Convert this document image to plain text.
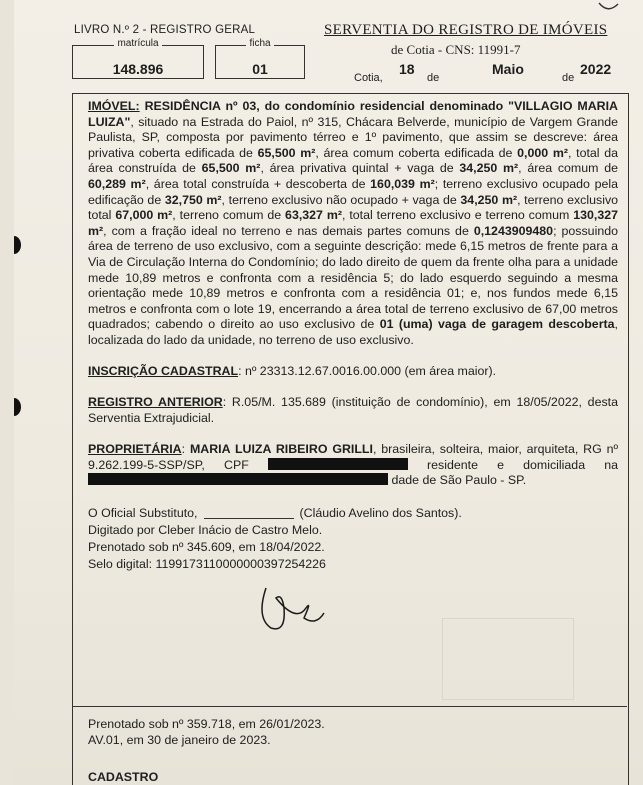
LIVRO N.º 2 - REGISTRO GERAL
matrícula
148.896
ficha
01
SERVENTIA DO REGISTRO DE IMÓVEIS
de Cotia - CNS: 11991-7
Cotia,
18
de
Maio
de
2022

IMÓVEL: RESIDÊNCIA nº 03, do condomínio residencial denominado "VILLAGIO MARIA LUIZA", situado na Estrada do Paiol, nº 315, Chácara Belverde, município de Vargem Grande Paulista, SP, composta por pavimento térreo e 1º pavimento, que assim se descreve: área privativa coberta edificada de 65,500 m², área comum coberta edificada de 0,000 m², total da área construída de 65,500 m², área privativa quintal + vaga de 34,250 m², área comum de 60,289 m², área total construída + descoberta de 160,039 m²; terreno exclusivo ocupado pela edificação de 32,750 m², terreno exclusivo não ocupado + vaga de 34,250 m², terreno exclusivo total 67,000 m², terreno comum de 63,327 m², total terreno exclusivo e terreno comum 130,327 m², com a fração ideal no terreno e nas demais partes comuns de 0,1243909480; possuindo área de terreno de uso exclusivo, com a seguinte descrição: mede 6,15 metros de frente para a Via de Circulação Interna do Condomínio; do lado direito de quem da frente olha para a unidade mede 10,89 metros e confronta com a residência 5; do lado esquerdo seguindo a mesma orientação mede 10,89 metros e confronta com a residência 01; e, nos fundos mede 6,15 metros e confronta com o lote 19, encerrando a área total de terreno exclusivo de 67,00 metros quadrados; cabendo o direito ao uso exclusivo de 01 (uma) vaga de garagem descoberta, localizada do lado da unidade, no terreno de uso exclusivo.

INSCRIÇÃO CADASTRAL: nº 23313.12.67.0016.00.000 (em área maior).

REGISTRO ANTERIOR: R.05/M. 135.689 (instituição de condomínio), em 18/05/2022, desta Serventia Extrajudicial.

PROPRIETÁRIA: MARIA LUIZA RIBEIRO GRILLI, brasileira, solteira, maior, arquiteta, RG nº 9.262.199-5-SSP/SP, CPF	residente e domiciliada na  dade de São Paulo - SP.

O Oficial Substituto,	(Cláudio Avelino dos Santos).
Digitado por Cleber Inácio de Castro Melo.
Prenotado sob nº 345.609, em 18/04/2022.
Selo digital: 1199173110000000397254226

Prenotado sob nº 359.718, em 26/01/2023.
AV.01, em 30 de janeiro de 2023.
CADASTRO
